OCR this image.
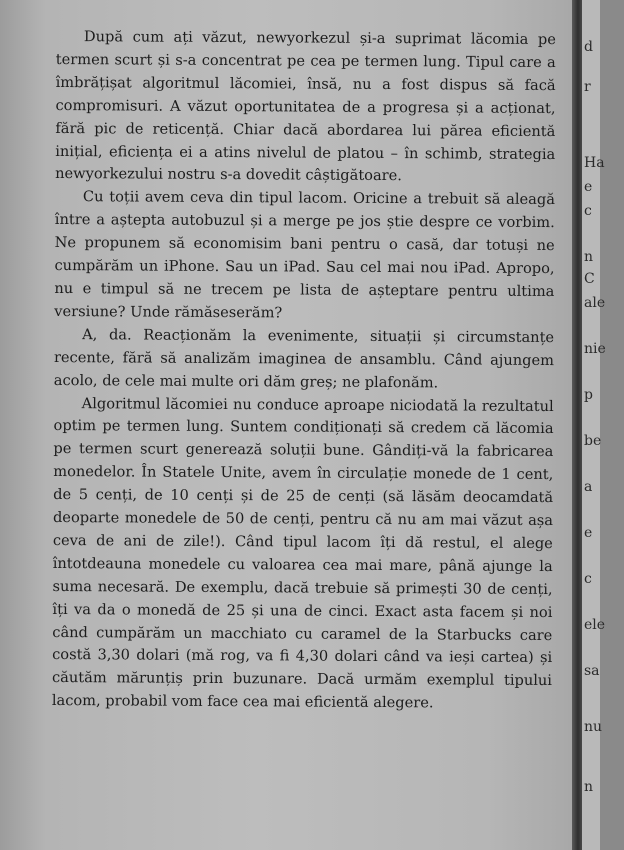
După cum ați văzut, newyorkezul și-a suprimat lăcomia pe termen scurt și s-a concentrat pe cea pe termen lung. Tipul care a îmbrățișat algoritmul lăcomiei, însă, nu a fost dispus să facă compromisuri. A văzut oportunitatea de a progresa și a acționat, fără pic de reticență. Chiar dacă abordarea lui părea eficientă inițial, eficiența ei a atins nivelul de platou – în schimb, strategia newyorkezului nostru s-a dovedit câștigătoare.

Cu toții avem ceva din tipul lacom. Oricine a trebuit să aleagă între a aștepta autobuzul și a merge pe jos știe despre ce vorbim. Ne propunem să economisim bani pentru o casă, dar totuși ne cumpărăm un iPhone. Sau un iPad. Sau cel mai nou iPad. Apropo, nu e timpul să ne trecem pe lista de așteptare pentru ultima versiune? Unde rămăseserăm?

A, da. Reacționăm la evenimente, situații și circumstanțe recente, fără să analizăm imaginea de ansamblu. Când ajungem acolo, de cele mai multe ori dăm greș; ne plafonăm.

Algoritmul lăcomiei nu conduce aproape niciodată la rezultatul optim pe termen lung. Suntem condiționați să credem că lăcomia pe termen scurt generează soluții bune. Gândiți-vă la fabricarea monedelor. În Statele Unite, avem în circulație monede de 1 cent, de 5 cenți, de 10 cenți și de 25 de cenți (să lăsăm deocamdată deoparte monedele de 50 de cenți, pentru că nu am mai văzut așa ceva de ani de zile!). Când tipul lacom îți dă restul, el alege întotdeauna monedele cu valoarea cea mai mare, până ajunge la suma necesară. De exemplu, dacă trebuie să primești 30 de cenți, îți va da o monedă de 25 și una de cinci. Exact asta facem și noi când cumpărăm un macchiato cu caramel de la Starbucks care costă 3,30 dolari (mă rog, va fi 4,30 dolari când va ieși cartea) și căutăm mărunțiș prin buzunare. Dacă urmăm exemplul tipului lacom, probabil vom face cea mai eficientă alegere.

d
r
Ha
e
c
n
C
ale
nie
p
be
a
e
c
ele
sa
nu
n
